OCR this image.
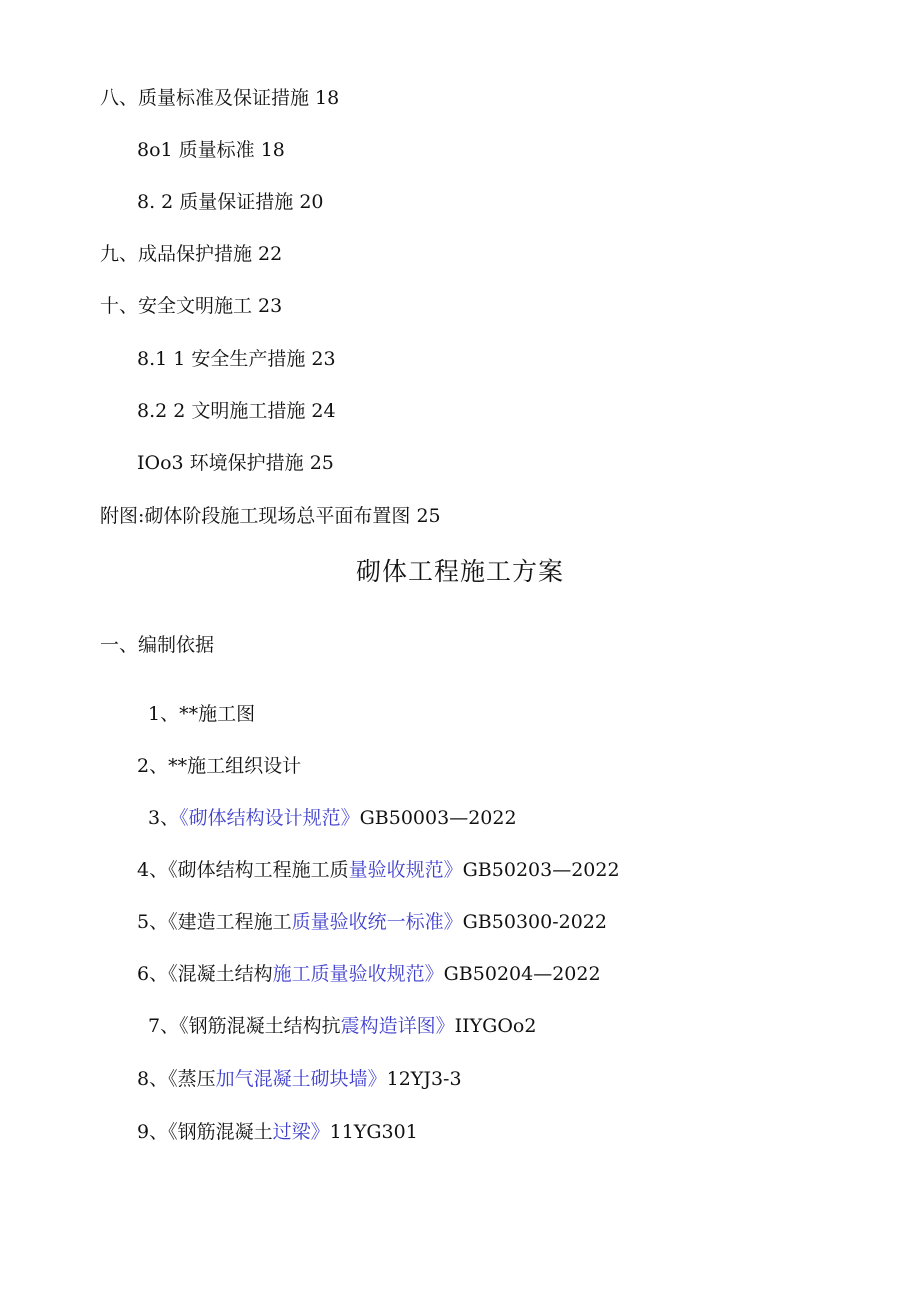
八、质量标准及保证措施 18
8o1 质量标准 18
8. 2 质量保证措施 20
九、成品保护措施 22
十、安全文明施工 23
8.1 1 安全生产措施 23
8.2 2 文明施工措施 24
IOo3 环境保护措施 25
附图:砌体阶段施工现场总平面布置图 25
砌体工程施工方案
一、编制依据
1、**施工图
2、**施工组织设计
3、《砌体结构设计规范》GB50003—2022
4、《砌体结构工程施工质量验收规范》GB50203—2022
5、《建造工程施工质量验收统一标准》GB50300-2022
6、《混凝土结构施工质量验收规范》GB50204—2022
7、《钢筋混凝土结构抗震构造详图》IIYGOo2
8、《蒸压加气混凝土砌块墙》12YJ3-3
9、《钢筋混凝土过梁》11YG301
